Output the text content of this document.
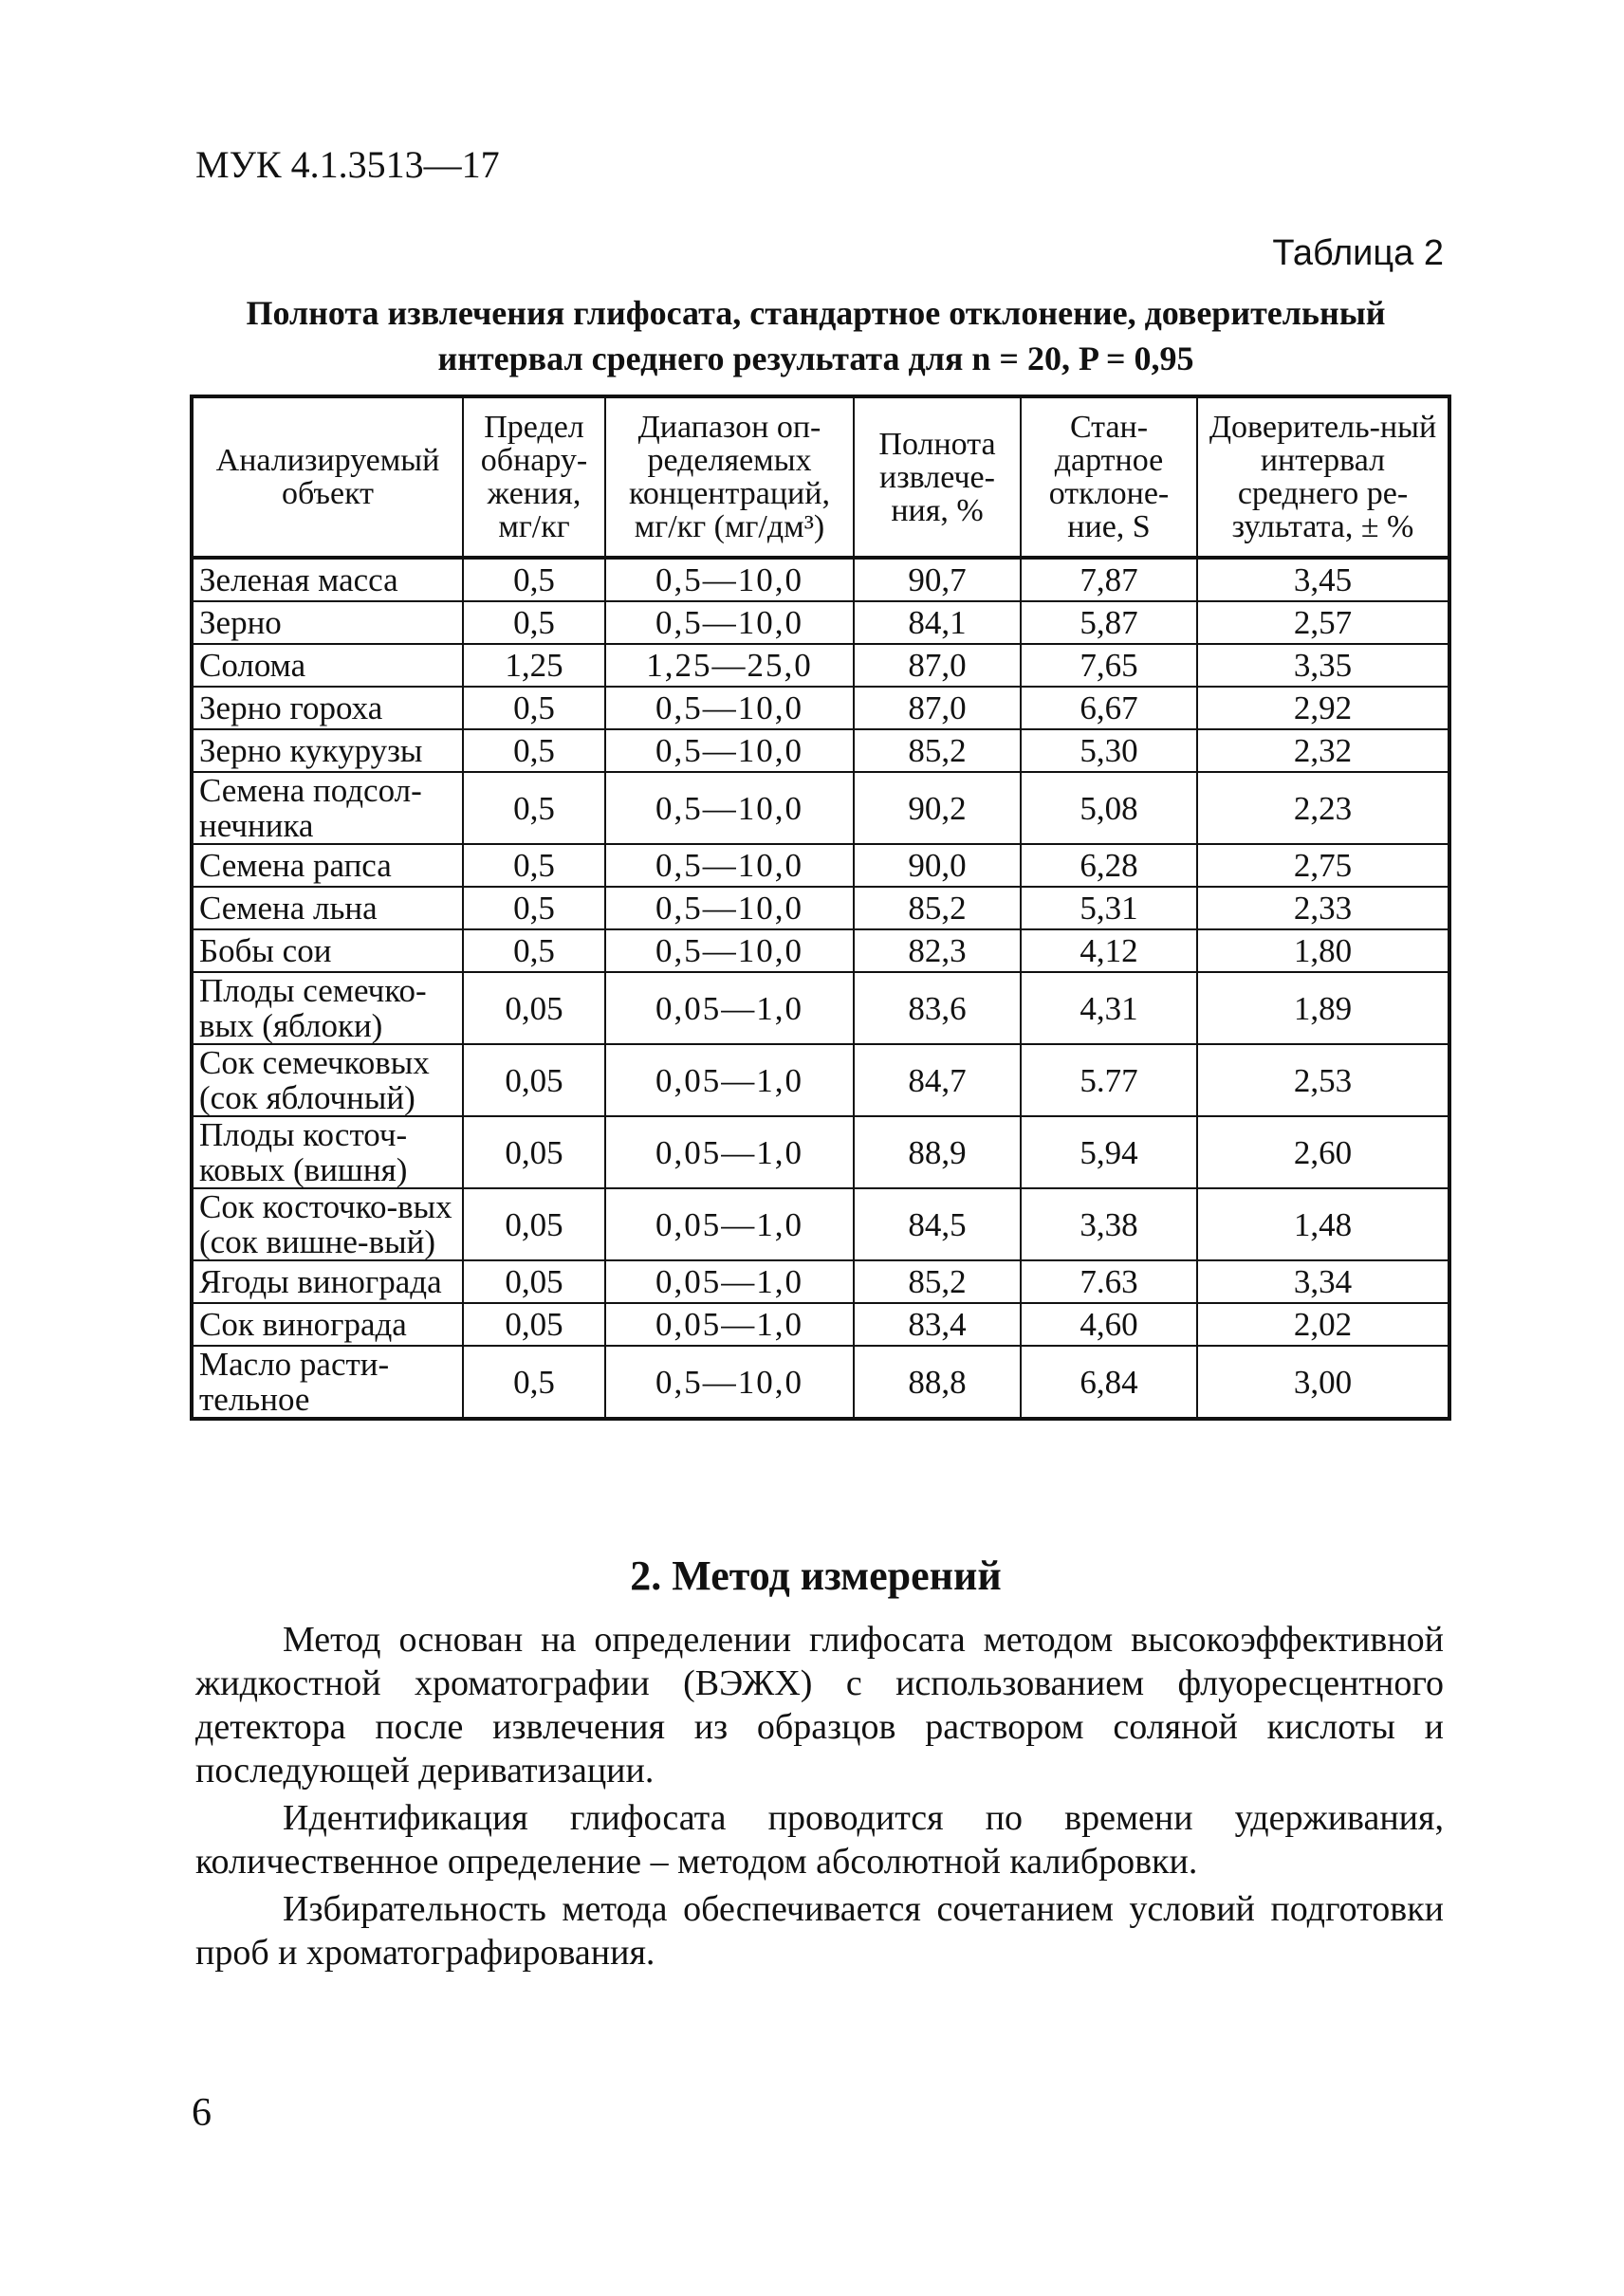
МУК 4.1.3513—17
Таблица 2
Полнота извлечения глифосата, стандартное отклонение, доверительный
интервал среднего результата для n = 20, P = 0,95
Анализируемый объект	Предел обнару-жения, мг/кг	Диапазон оп-ределяемых концентраций, мг/кг (мг/дм³)	Полнота извлече-ния, %	Стан-дартное отклоне-ние, S	Доверитель-ный интервал среднего ре-зультата, ± %
Зеленая масса	0,5	0,5—10,0	90,7	7,87	3,45
Зерно	0,5	0,5—10,0	84,1	5,87	2,57
Солома	1,25	1,25—25,0	87,0	7,65	3,35
Зерно гороха	0,5	0,5—10,0	87,0	6,67	2,92
Зерно кукурузы	0,5	0,5—10,0	85,2	5,30	2,32
Семена подсол-нечника	0,5	0,5—10,0	90,2	5,08	2,23
Семена рапса	0,5	0,5—10,0	90,0	6,28	2,75
Семена льна	0,5	0,5—10,0	85,2	5,31	2,33
Бобы сои	0,5	0,5—10,0	82,3	4,12	1,80
Плоды семечко-вых (яблоки)	0,05	0,05—1,0	83,6	4,31	1,89
Сок семечковых (сок яблочный)	0,05	0,05—1,0	84,7	5.77	2,53
Плоды косточ-ковых (вишня)	0,05	0,05—1,0	88,9	5,94	2,60
Сок косточко-вых (сок вишне-вый)	0,05	0,05—1,0	84,5	3,38	1,48
Ягоды винограда	0,05	0,05—1,0	85,2	7.63	3,34
Сок винограда	0,05	0,05—1,0	83,4	4,60	2,02
Масло расти-тельное	0,5	0,5—10,0	88,8	6,84	3,00
2. Метод измерений

Метод основан на определении глифосата методом высокоэффективной жидкостной хроматографии (ВЭЖХ) с использованием флуоресцентного детектора после извлечения из образцов раствором соляной кислоты и последующей дериватизации.

Идентификация глифосата проводится по времени удерживания, количественное определение – методом абсолютной калибровки.

Избирательность метода обеспечивается сочетанием условий подготовки проб и хроматографирования.

6
